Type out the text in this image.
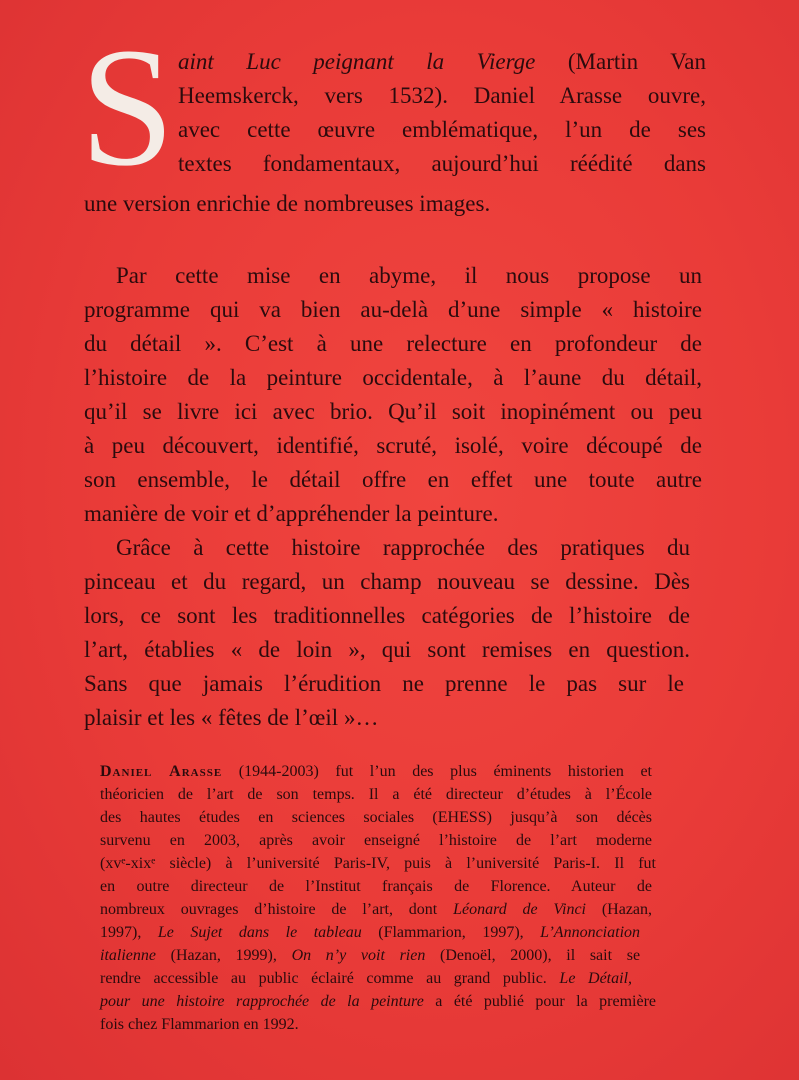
S aint Luc peignant la Vierge (Martin Van
Heemskerck, vers 1532). Daniel Arasse ouvre,
avec cette œuvre emblématique, l’un de ses
textes fondamentaux, aujourd’hui réédité dans
une version enrichie de nombreuses images.
Par cette mise en abyme, il nous propose un
programme qui va bien au-delà d’une simple « histoire
du détail ». C’est à une relecture en profondeur de
l’histoire de la peinture occidentale, à l’aune du détail,
qu’il se livre ici avec brio. Qu’il soit inopinément ou peu
à peu découvert, identifié, scruté, isolé, voire découpé de
son ensemble, le détail offre en effet une toute autre
manière de voir et d’appréhender la peinture.
Grâce à cette histoire rapprochée des pratiques du
pinceau et du regard, un champ nouveau se dessine. Dès
lors, ce sont les traditionnelles catégories de l’histoire de
l’art, établies « de loin », qui sont remises en question.
Sans que jamais l’érudition ne prenne le pas sur le
plaisir et les « fêtes de l’œil »…
Daniel Arasse (1944-2003) fut l’un des plus éminents historien et
théoricien de l’art de son temps. Il a été directeur d’études à l’École
des hautes études en sciences sociales (EHESS) jusqu’à son décès
survenu en 2003, après avoir enseigné l’histoire de l’art moderne
(xvᵉ-xixᵉ siècle) à l’université Paris-IV, puis à l’université Paris-I. Il fut
en outre directeur de l’Institut français de Florence. Auteur de
nombreux ouvrages d’histoire de l’art, dont Léonard de Vinci (Hazan,
1997), Le Sujet dans le tableau (Flammarion, 1997), L’Annonciation
italienne (Hazan, 1999), On n’y voit rien (Denoël, 2000), il sait se
rendre accessible au public éclairé comme au grand public. Le Détail,
pour une histoire rapprochée de la peinture a été publié pour la première
fois chez Flammarion en 1992.
